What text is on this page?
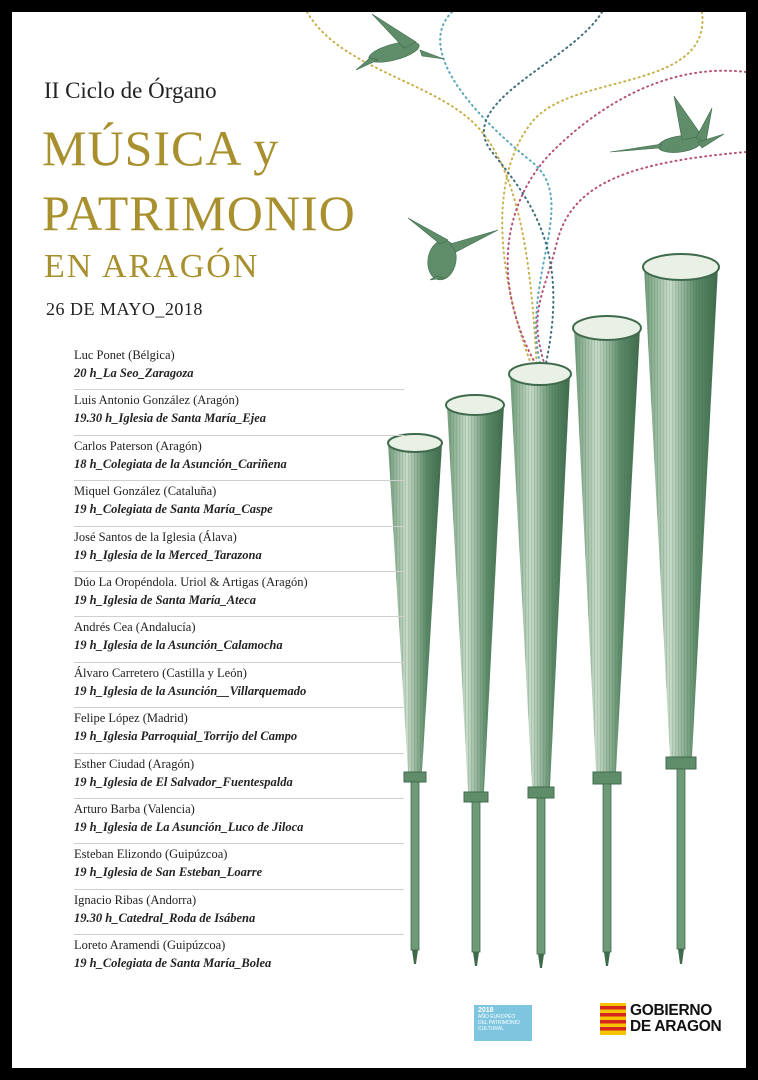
II Ciclo de Órgano
MÚSICA y
PATRIMONIO
EN ARAGÓN
26 DE MAYO_2018
Luc Ponet (Bélgica)
20 h_La Seo_Zaragoza
Luis Antonio González (Aragón)
19.30 h_Iglesia de Santa María_Ejea
Carlos Paterson (Aragón)
18 h_Colegiata de la Asunción_Cariñena
Miquel González (Cataluña)
19 h_Colegiata de Santa María_Caspe
José Santos de la Iglesia (Álava)
19 h_Iglesia de la Merced_Tarazona
Dúo La Oropéndola. Uriol & Artigas (Aragón)
19 h_Iglesia de Santa María_Ateca
Andrés Cea (Andalucía)
19 h_Iglesia de la Asunción_Calamocha
Álvaro Carretero (Castilla y León)
19 h_Iglesia de la Asunción__Villarquemado
Felipe López (Madrid)
19 h_Iglesia Parroquial_Torrijo del Campo
Esther Ciudad (Aragón)
19 h_Iglesia de El Salvador_Fuentespalda
Arturo Barba (Valencia)
19 h_Iglesia de La Asunción_Luco de Jiloca
Esteban Elizondo (Guipúzcoa)
19 h_Iglesia de San Esteban_Loarre
Ignacio Ribas (Andorra)
19.30 h_Catedral_Roda de Isábena
Loreto Aramendi (Guipúzcoa)
19 h_Colegiata de Santa María_Bolea
2018
AÑO EUROPEO
DEL PATRIMONIO
CULTURAL
GOBIERNO
DE ARAGON
